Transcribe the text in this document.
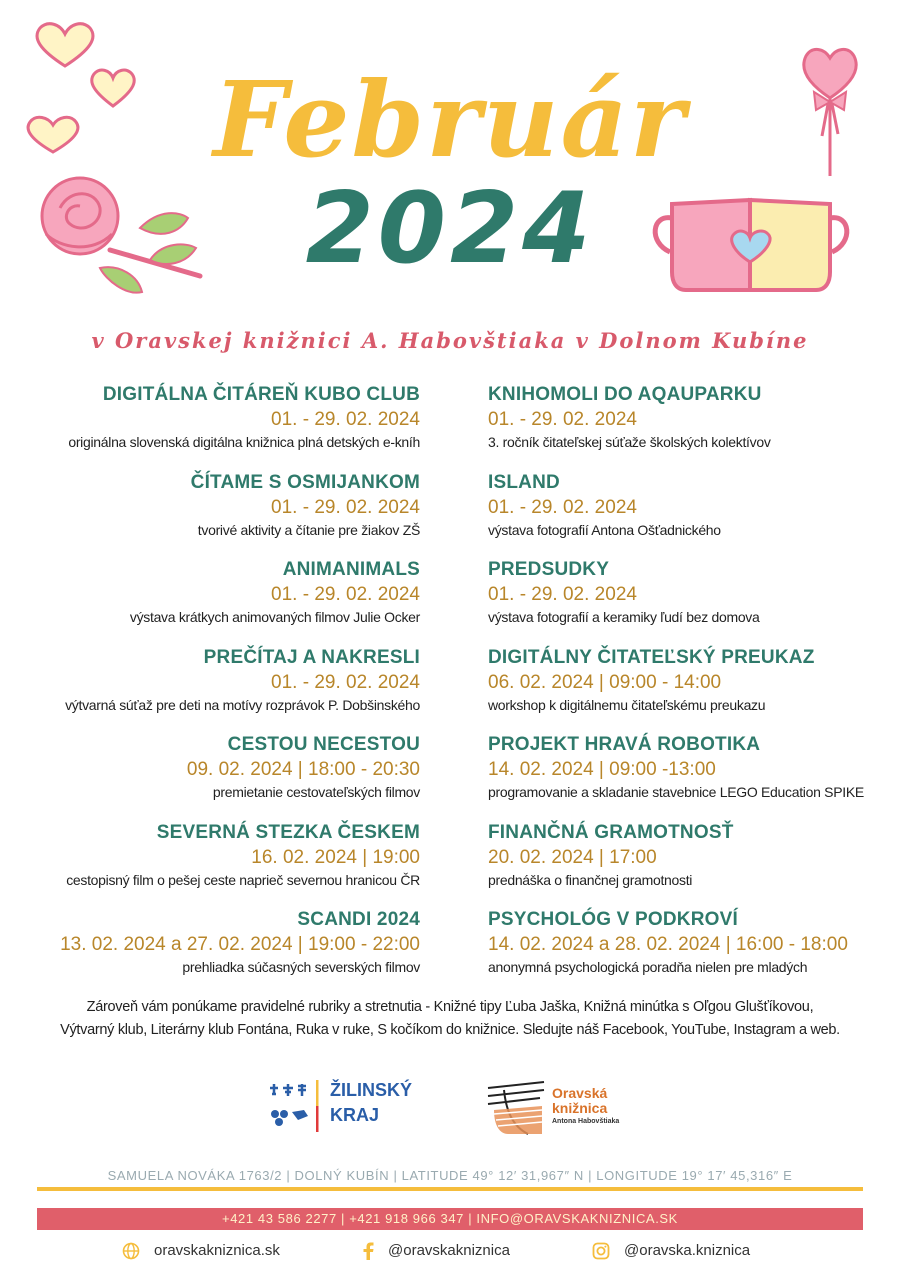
Február
2024
v Oravskej knižnici A. Habovštiaka v Dolnom Kubíne
DIGITÁLNA ČITÁREŇ KUBO CLUB
01. - 29. 02. 2024
originálna slovenská digitálna knižnica plná detských e-kníh
ČÍTAME S OSMIJANKOM
01. - 29. 02. 2024
tvorivé aktivity a čítanie pre žiakov ZŠ
ANIMANIMALS
01. - 29. 02. 2024
výstava krátkych animovaných filmov Julie Ocker
PREČÍTAJ A NAKRESLI
01. - 29. 02. 2024
výtvarná súťaž pre deti na motívy rozprávok P. Dobšinského
CESTOU NECESTOU
09. 02. 2024 | 18:00 - 20:30
premietanie cestovateľských filmov
SEVERNÁ STEZKA ČESKEM
16. 02. 2024 | 19:00
cestopisný film o pešej ceste naprieč severnou hranicou ČR
SCANDI 2024
13. 02. 2024 a 27. 02. 2024 | 19:00 - 22:00
prehliadka súčasných severských filmov
KNIHOMOLI DO AQAUPARKU
01. - 29. 02. 2024
3. ročník čitateľskej súťaže školských kolektívov
ISLAND
01. - 29. 02. 2024
výstava fotografií Antona Ošťadnického
PREDSUDKY
01. - 29. 02. 2024
výstava fotografií a keramiky ľudí bez domova
DIGITÁLNY ČITATEĽSKÝ PREUKAZ
06. 02. 2024 | 09:00 - 14:00
workshop k digitálnemu čitateľskému preukazu
PROJEKT HRAVÁ ROBOTIKA
14. 02. 2024 | 09:00 -13:00
programovanie a skladanie stavebnice LEGO Education SPIKE
FINANČNÁ GRAMOTNOSŤ
20. 02. 2024 | 17:00
prednáška o finančnej gramotnosti
PSYCHOLÓG V PODKROVÍ
14. 02. 2024 a 28. 02. 2024 | 16:00 - 18:00
anonymná psychologická poradňa nielen pre mladých
Zároveň vám ponúkame pravidelné rubriky a stretnutia - Knižné tipy Ľuba Jaška, Knižná minútka s Oľgou Glušťíkovou,
Výtvarný klub, Literárny klub Fontána, Ruka v ruke, S kočíkom do knižnice. Sledujte náš Facebook, YouTube, Instagram a web.
ŽILINSKÝ
KRAJ
Oravská
knižnica
Antona Habovštiaka
SAMUELA NOVÁKA 1763/2 | DOLNÝ KUBÍN | LATITUDE 49° 12′ 31,967″ N | LONGITUDE 19° 17′ 45,316″ E
+421 43 586 2277 | +421 918 966 347 | INFO@ORAVSKAKNIZNICA.SK
oravskakniznica.sk	@oravskakniznica	@oravska.kniznica
